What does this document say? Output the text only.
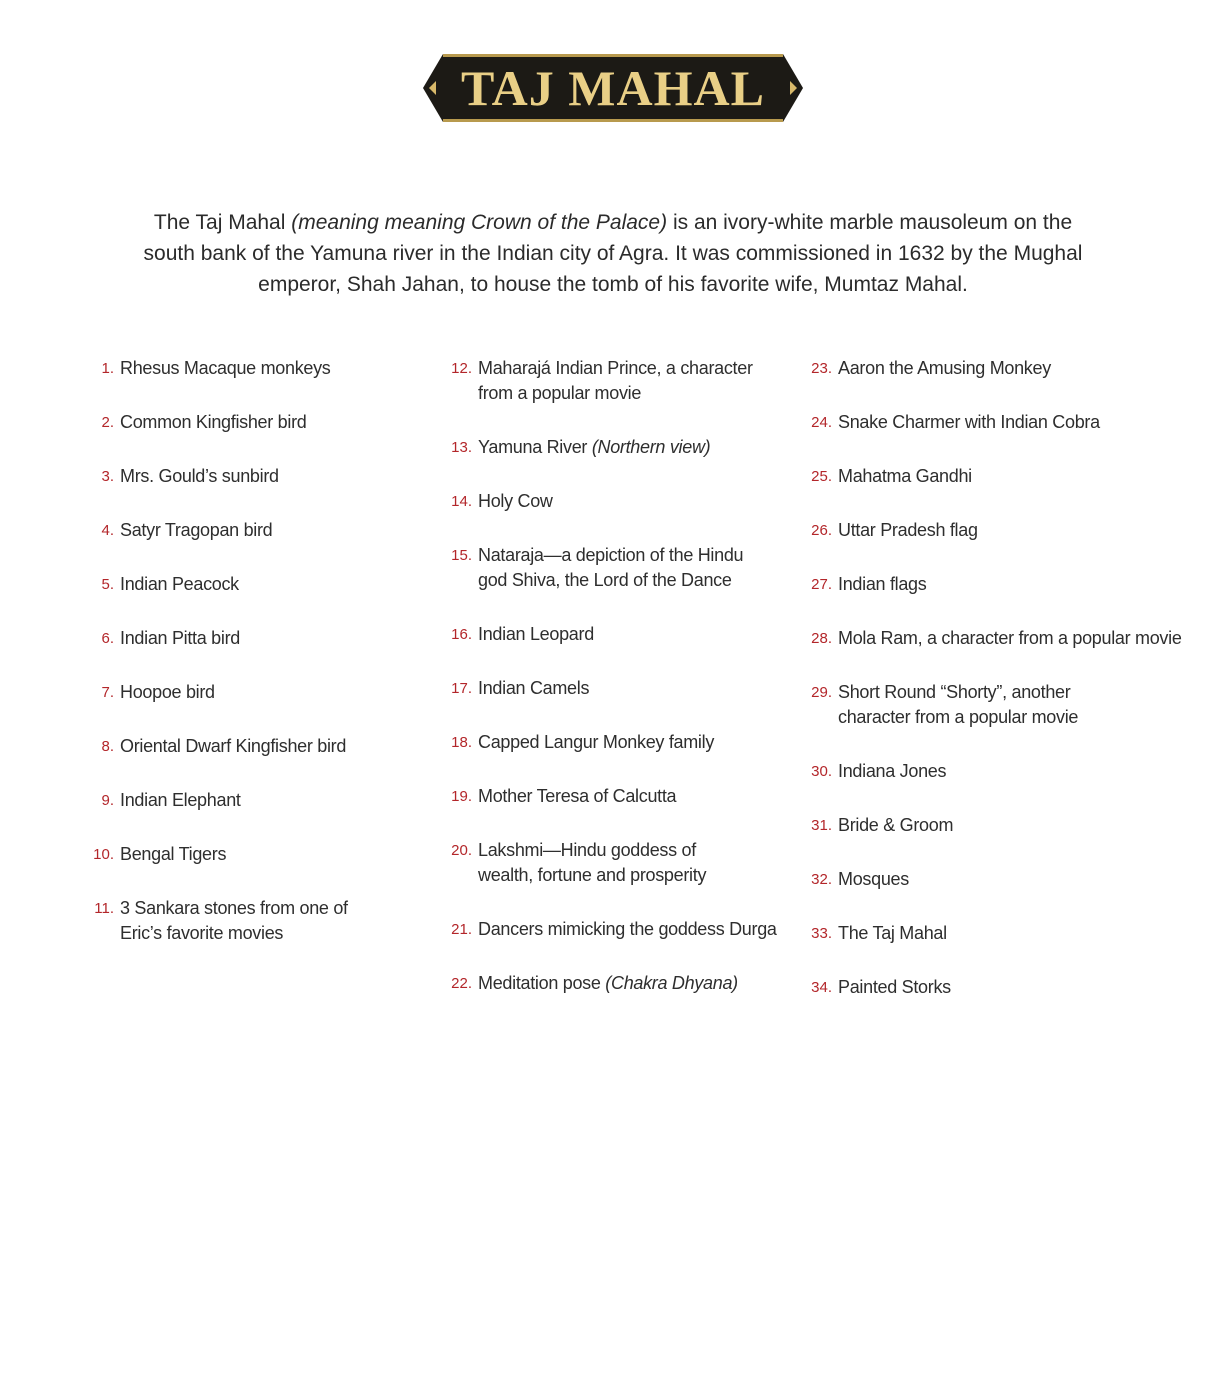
TAJ MAHAL

The Taj Mahal (meaning meaning Crown of the Palace) is an ivory-white marble mausoleum on the south bank of the Yamuna river in the Indian city of Agra. It was commissioned in 1632 by the Mughal emperor, Shah Jahan, to house the tomb of his favorite wife, Mumtaz Mahal.

1. Rhesus Macaque monkeys
2. Common Kingfisher bird
3. Mrs. Gould’s sunbird
4. Satyr Tragopan bird
5. Indian Peacock
6. Indian Pitta bird
7. Hoopoe bird
8. Oriental Dwarf Kingfisher bird
9. Indian Elephant
10. Bengal Tigers
11. 3 Sankara stones from one of
Eric’s favorite movies
12. Maharajá Indian Prince, a character
from a popular movie
13. Yamuna River (Northern view)
14. Holy Cow
15. Nataraja—a depiction of the Hindu
god Shiva, the Lord of the Dance
16. Indian Leopard
17. Indian Camels
18. Capped Langur Monkey family
19. Mother Teresa of Calcutta
20. Lakshmi—Hindu goddess of
wealth, fortune and prosperity
21. Dancers mimicking the goddess Durga
22. Meditation pose (Chakra Dhyana)
23. Aaron the Amusing Monkey
24. Snake Charmer with Indian Cobra
25. Mahatma Gandhi
26. Uttar Pradesh flag
27. Indian flags
28. Mola Ram, a character from a popular movie
29. Short Round “Shorty”, another
character from a popular movie
30. Indiana Jones
31. Bride & Groom
32. Mosques
33. The Taj Mahal
34. Painted Storks
